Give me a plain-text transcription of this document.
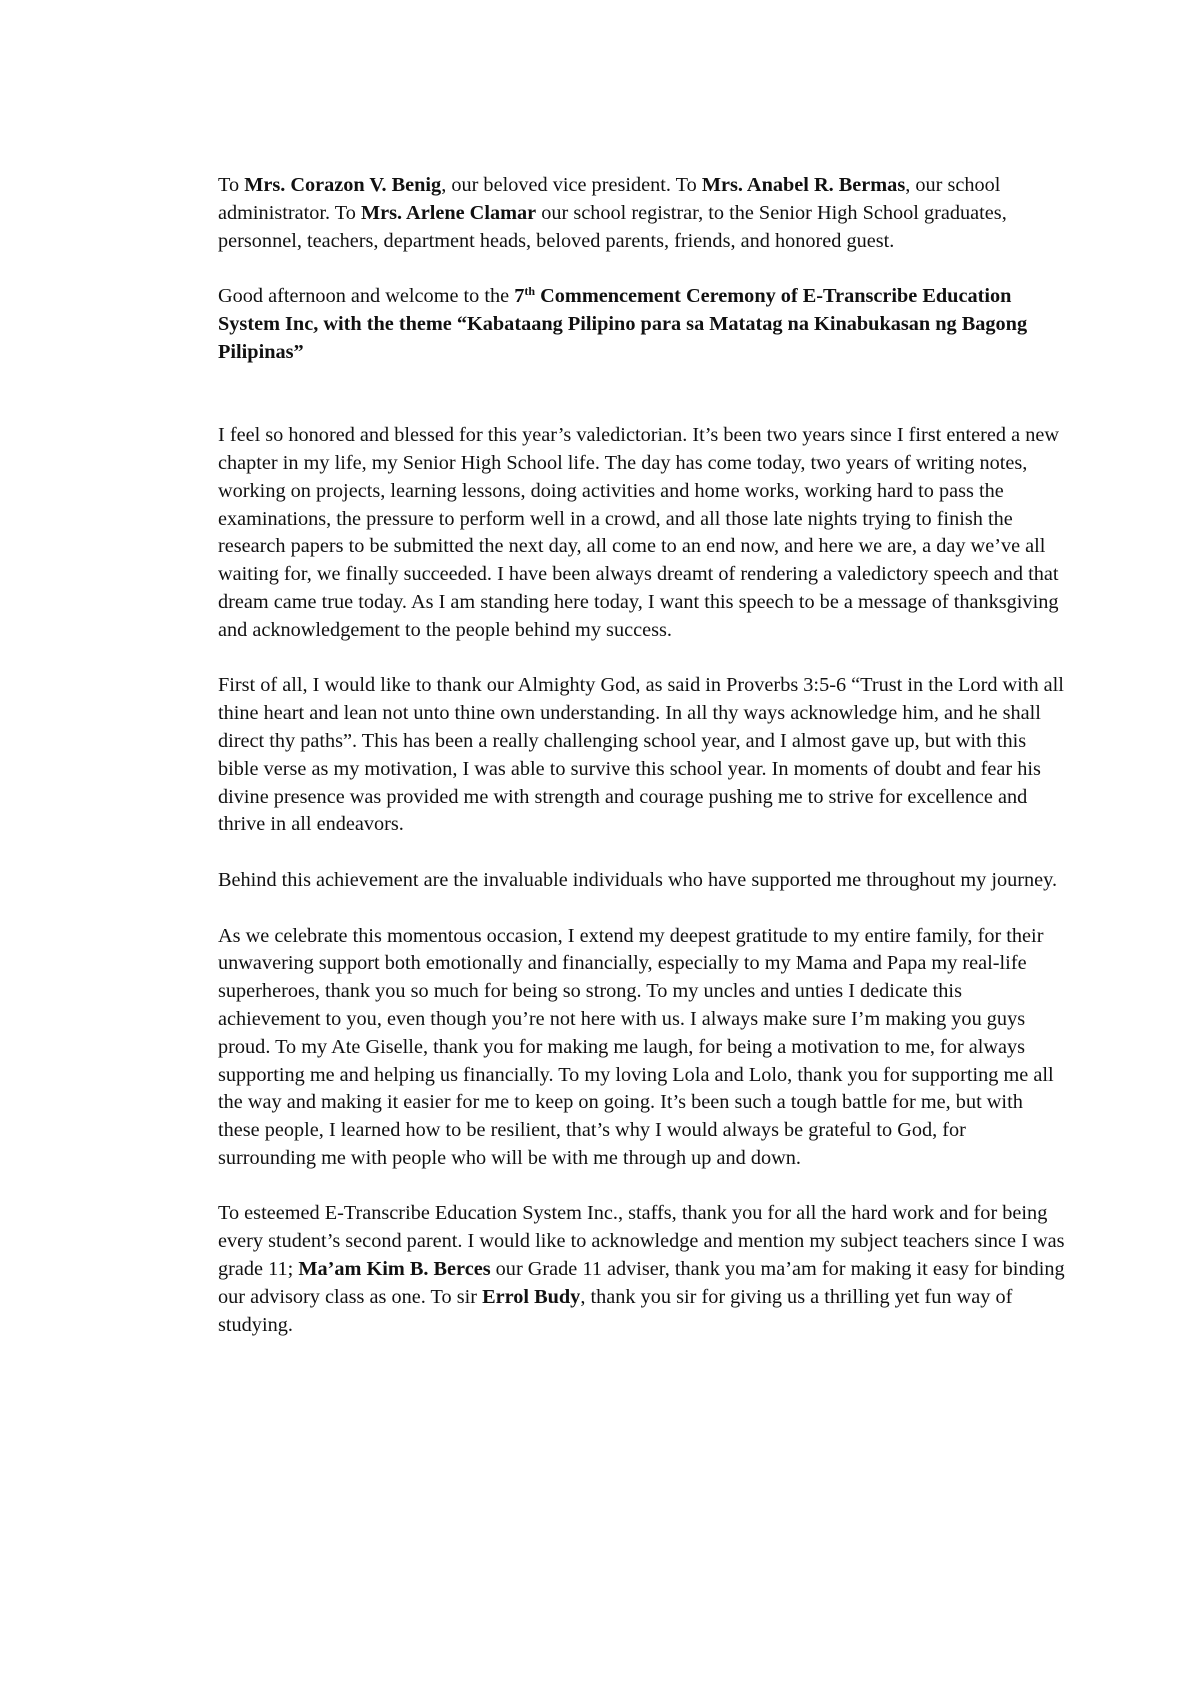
To Mrs. Corazon V. Benig, our beloved vice president. To Mrs. Anabel R. Bermas, our school administrator. To Mrs. Arlene Clamar our school registrar, to the Senior High School graduates, personnel, teachers, department heads, beloved parents, friends, and honored guest.

Good afternoon and welcome to the 7th Commencement Ceremony of E-Transcribe Education System Inc, with the theme “Kabataang Pilipino para sa Matatag na Kinabukasan ng Bagong Pilipinas”

I feel so honored and blessed for this year’s valedictorian. It’s been two years since I first entered a new chapter in my life, my Senior High School life. The day has come today, two years of writing notes, working on projects, learning lessons, doing activities and home works, working hard to pass the examinations, the pressure to perform well in a crowd, and all those late nights trying to finish the research papers to be submitted the next day, all come to an end now, and here we are, a day we’ve all waiting for, we finally succeeded. I have been always dreamt of rendering a valedictory speech and that dream came true today. As I am standing here today, I want this speech to be a message of thanksgiving and acknowledgement to the people behind my success.

First of all, I would like to thank our Almighty God, as said in Proverbs 3:5-6 “Trust in the Lord with all thine heart and lean not unto thine own understanding. In all thy ways acknowledge him, and he shall direct thy paths”. This has been a really challenging school year, and I almost gave up, but with this bible verse as my motivation, I was able to survive this school year. In moments of doubt and fear his divine presence was provided me with strength and courage pushing me to strive for excellence and thrive in all endeavors.

Behind this achievement are the invaluable individuals who have supported me throughout my journey.

As we celebrate this momentous occasion, I extend my deepest gratitude to my entire family, for their unwavering support both emotionally and financially, especially to my Mama and Papa my real-life superheroes, thank you so much for being so strong. To my uncles and unties I dedicate this achievement to you, even though you’re not here with us. I always make sure I’m making you guys proud. To my Ate Giselle, thank you for making me laugh, for being a motivation to me, for always supporting me and helping us financially. To my loving Lola and Lolo, thank you for supporting me all the way and making it easier for me to keep on going. It’s been such a tough battle for me, but with these people, I learned how to be resilient, that’s why I would always be grateful to God, for surrounding me with people who will be with me through up and down.

To esteemed E-Transcribe Education System Inc., staffs, thank you for all the hard work and for being every student’s second parent. I would like to acknowledge and mention my subject teachers since I was grade 11; Ma’am Kim B. Berces our Grade 11 adviser, thank you ma’am for making it easy for binding our advisory class as one. To sir Errol Budy, thank you sir for giving us a thrilling yet fun way of studying.
